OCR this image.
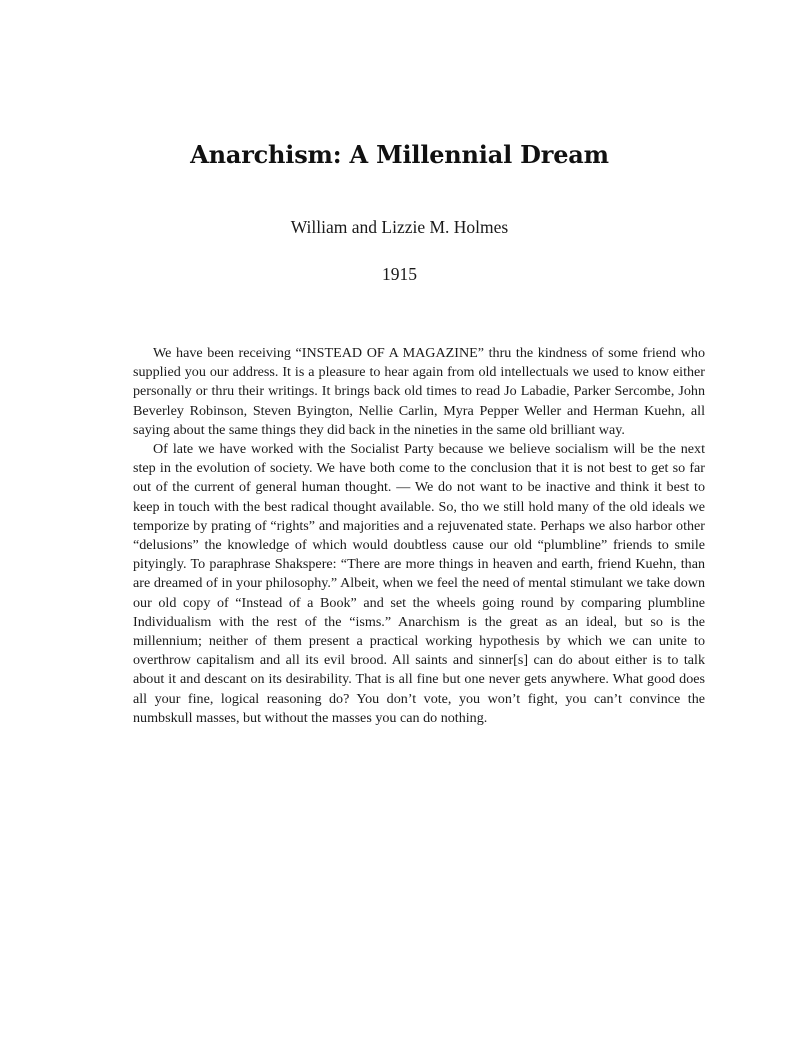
Anarchism: A Millennial Dream
William and Lizzie M. Holmes
1915

We have been receiving “INSTEAD OF A MAGAZINE” thru the kindness of some friend who supplied you our address. It is a pleasure to hear again from old intellectuals we used to know either personally or thru their writings. It brings back old times to read Jo Labadie, Parker Sercombe, John Beverley Robinson, Steven Byington, Nellie Carlin, Myra Pepper Weller and Herman Kuehn, all saying about the same things they did back in the nineties in the same old brilliant way.

Of late we have worked with the Socialist Party because we believe socialism will be the next step in the evolution of society. We have both come to the conclusion that it is not best to get so far out of the current of general human thought. — We do not want to be inactive and think it best to keep in touch with the best radical thought available. So, tho we still hold many of the old ideals we temporize by prating of “rights” and majorities and a rejuvenated state. Perhaps we also harbor other “delusions” the knowledge of which would doubtless cause our old “plumbline” friends to smile pityingly. To paraphrase Shakspere: “There are more things in heaven and earth, friend Kuehn, than are dreamed of in your philosophy.” Albeit, when we feel the need of mental stimulant we take down our old copy of “Instead of a Book” and set the wheels going round by comparing plumbline Individualism with the rest of the “isms.” Anarchism is the great as an ideal, but so is the millennium; neither of them present a practical working hypothesis by which we can unite to overthrow capitalism and all its evil brood. All saints and sinner[s] can do about either is to talk about it and descant on its desirability. That is all fine but one never gets anywhere. What good does all your fine, logical reasoning do? You don’t vote, you won’t fight, you can’t convince the numbskull masses, but without the masses you can do nothing.
